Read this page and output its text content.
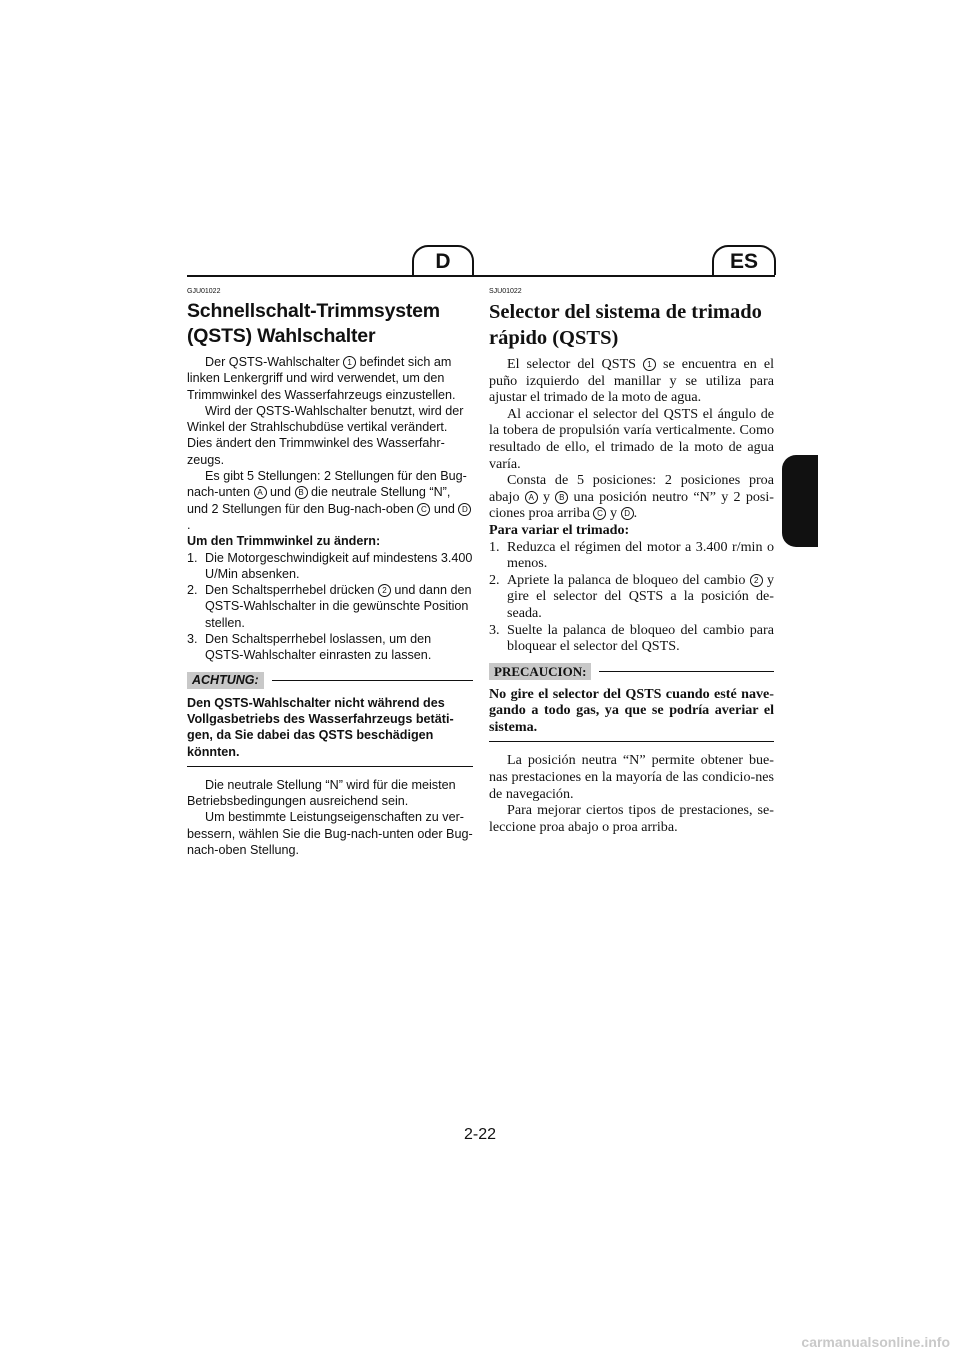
D	ES
GJU01022
Schnellschalt-Trimmsystem (QSTS) Wahlschalter

Der QSTS-Wahlschalter 1 befindet sich am linken Lenkergriff und wird verwendet, um den Trimmwinkel des Wasserfahrzeugs einzustellen.

Wird der QSTS-Wahlschalter benutzt, wird der Winkel der Strahlschubdüse vertikal verändert. Dies ändert den Trimmwinkel des Wasserfahr-zeugs.

Es gibt 5 Stellungen: 2 Stellungen für den Bug-nach-unten A und B die neutrale Stellung “N”, und 2 Stellungen für den Bug-nach-oben C und D.

Um den Trimmwinkel zu ändern:

1. Die Motorgeschwindigkeit auf mindestens 3.400 U/Min absenken.
2. Den Schaltsperrhebel drücken 2 und dann den QSTS-Wahlschalter in die gewünschte Position stellen.
3. Den Schaltsperrhebel loslassen, um den QSTS-Wahlschalter einrasten zu lassen.
ACHTUNG:

Den QSTS-Wahlschalter nicht während des Vollgasbetriebs des Wasserfahrzeugs betäti-gen, da Sie dabei das QSTS beschädigen könnten.

Die neutrale Stellung “N” wird für die meisten Betriebsbedingungen ausreichend sein.

Um bestimmte Leistungseigenschaften zu ver-bessern, wählen Sie die Bug-nach-unten oder Bug- nach-oben Stellung.

SJU01022
Selector del sistema de trimado rápido (QSTS)

El selector del QSTS 1 se encuentra en el puño izquierdo del manillar y se utiliza para ajustar el trimado de la moto de agua.

Al accionar el selector del QSTS el ángulo de la tobera de propulsión varía verticalmente. Como resultado de ello, el trimado de la moto de agua varía.

Consta de 5 posiciones: 2 posiciones proa abajo A y B una posición neutro “N” y 2 posi-ciones proa arriba C y D .

Para variar el trimado:

1. Reduzca el régimen del motor a 3.400 r/min o menos.
2. Apriete la palanca de bloqueo del cambio 2 y gire el selector del QSTS a la posición de-seada.
3. Suelte la palanca de bloqueo del cambio para bloquear el selector del QSTS.
PRECAUCION:

No gire el selector del QSTS cuando esté nave-gando a todo gas, ya que se podría averiar el sistema.

La posición neutra “N” permite obtener bue-nas prestaciones en la mayoría de las condicio-nes de navegación.

Para mejorar ciertos tipos de prestaciones, se-leccione proa abajo o proa arriba.

2-22
carmanualsonline.info
